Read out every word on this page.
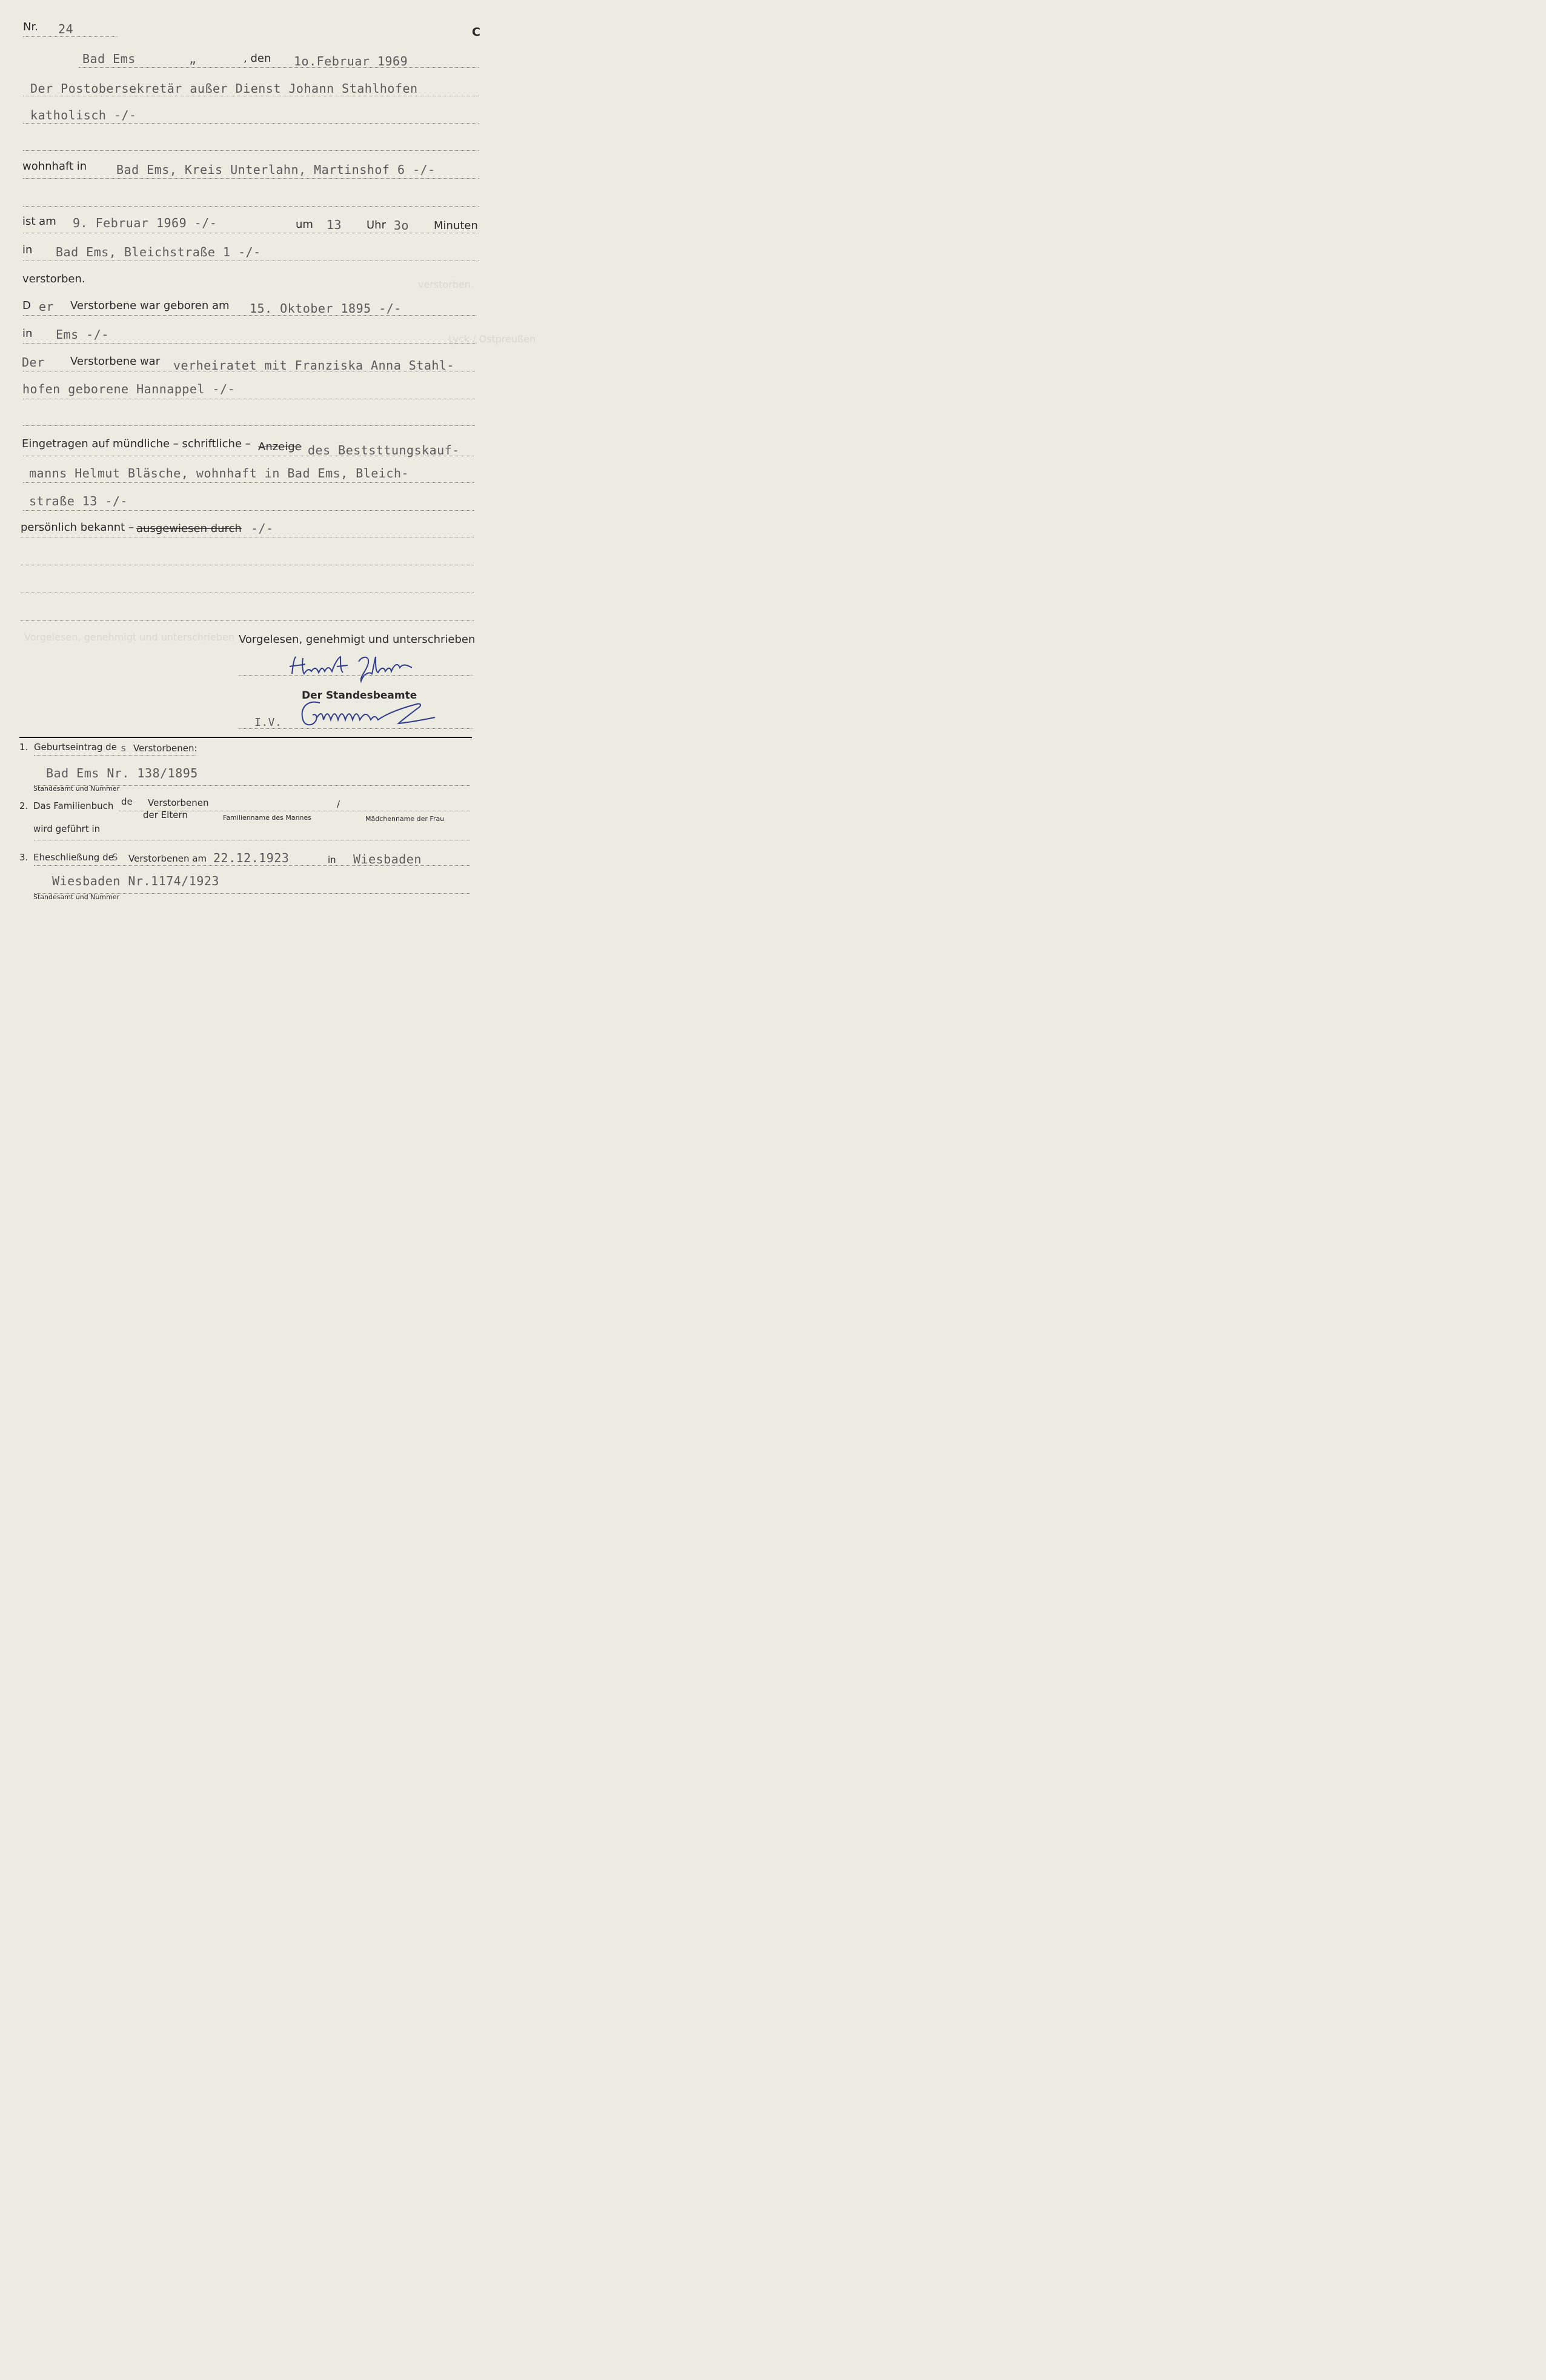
verstorben.
Lyck / Ostpreußen
Vorgelesen, genehmigt und unterschrieben
C
Nr. 24
Bad Ems	„	, den 1o.Februar 1969
Der Postobersekretär außer Dienst Johann Stahlhofen
katholisch -/-
wohnhaft in Bad Ems, Kreis Unterlahn, Martinshof 6 -/-
ist am 9. Februar 1969 -/-	um 13 Uhr 3o Minuten
in Bad Ems, Bleichstraße 1 -/-
verstorben.
D er Verstorbene war geboren am 15. Oktober 1895 -/-
in Ems -/-
Der Verstorbene war verheiratet mit Franziska Anna Stahl-
hofen geborene Hannappel -/-
Eingetragen auf mündliche – schriftliche – Anzeige des Beststtungskauf-
manns Helmut Bläsche, wohnhaft in Bad Ems, Bleich-
straße 13 -/-
persönlich bekannt – ausgewiesen durch -/-
Vorgelesen, genehmigt und unterschrieben
Der Standesbeamte
I.V.
1. Geburtseintrag de s Verstorbenen:
Bad Ems Nr. 138/1895
Standesamt und Nummer
2. Das Familienbuch de Verstorbenen
der Eltern
/
Familienname des Mannes	Mädchenname der Frau
wird geführt in
3. Eheschließung de
S Verstorbenen am 22.12.1923	in Wiesbaden
Wiesbaden Nr.1174/1923
Standesamt und Nummer
